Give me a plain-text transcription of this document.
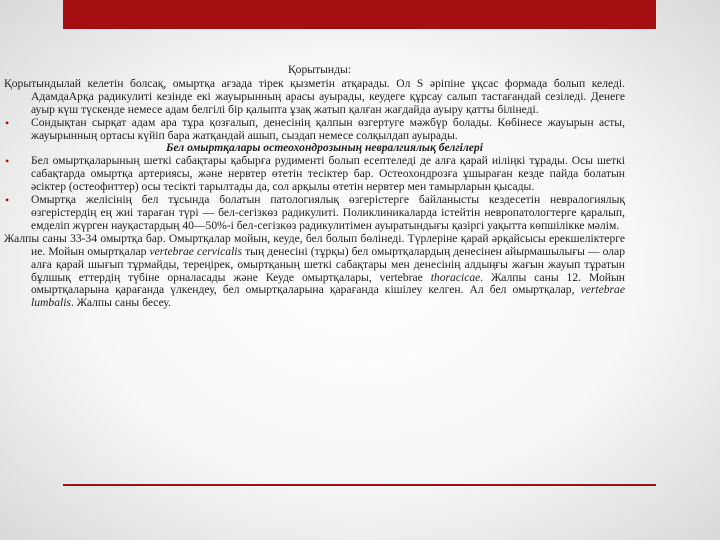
Қорытынды:

Қорытындылай келетін болсақ, омыртқа ағзада тірек қызметін атқарады. Ол S әріпіне ұқсас формада болып келеді. АдамдаАрқа радикулиті кезінде екі жауырынның арасы ауырады, кеудеге құрсау салып тастағандай сезіледі. Денеге ауыр күш түскенде немесе адам белгілі бір қалыпта ұзақ жатып қалған жағдайда ауыру қатты білінеді.

• Сондықтан сырқат адам ара тұра қозғалып, денесінің қалпын өзгертуге мәжбүр болады. Көбінесе жауырын асты, жауырынның ортасы күйіп бара жатқандай ашып, сыздап немесе солқылдап ауырады.

Бел омыртқалары остеохондрозының невралгиялық белгілері

• Бел омыртқаларының шеткі сабақтары қабырға рудименті болып есептеледі де алға қарай иіліңкі тұрады. Осы шеткі сабақтарда омыртқа артериясы, және нервтер өтетін тесіктер бар. Остеохондрозға ұшыраған кезде пайда болатын әсіктер (остеофиттер) осы тесікті тарылтады да, сол арқылы өтетін нервтер мен тамырларын қысады.
• Омыртқа желісінің бел тұсында болатын патологиялық өзгерістерге байланысты кездесетін невралогиялық өзгерістердің ең жиі тараған түрі — бел-сегізкөз радикулиті. Поликлиникаларда істейтін невропатологтерге қаралып, емделіп жүрген науқастардың 40—50%-і бел-сегізкөз радикулитімен ауыратындығы қазіргі уақытта көпшілікке мәлім.

Жалпы саны 33-34 омыртқа бар. Омыртқалар мойын, кеуде, бел болып бөлінеді. Түрлеріне қарай әрқайсысы ерекшеліктерге ие. Мойын омыртқалар vertebrae cervicalis тың денесіні (тұрқы) бел омыртқалардың денесінен айырмашылығы — олар алға қарай шығып тұрмайды, тереңірек, омыртқаның шеткі сабақтары мен денесінің алдыңғы жағын жауып тұратын бұлшық еттердің түбіне орналасады және Кеуде омыртқалары, vertebrae thoracicae. Жалпы саны 12. Мойын омыртқаларына қарағанда үлкендеу, бел омыртқаларына қарағанда кішілеу келген. Ал бел омыртқалар, vertebrae lumbalis. Жалпы саны бесеу.
